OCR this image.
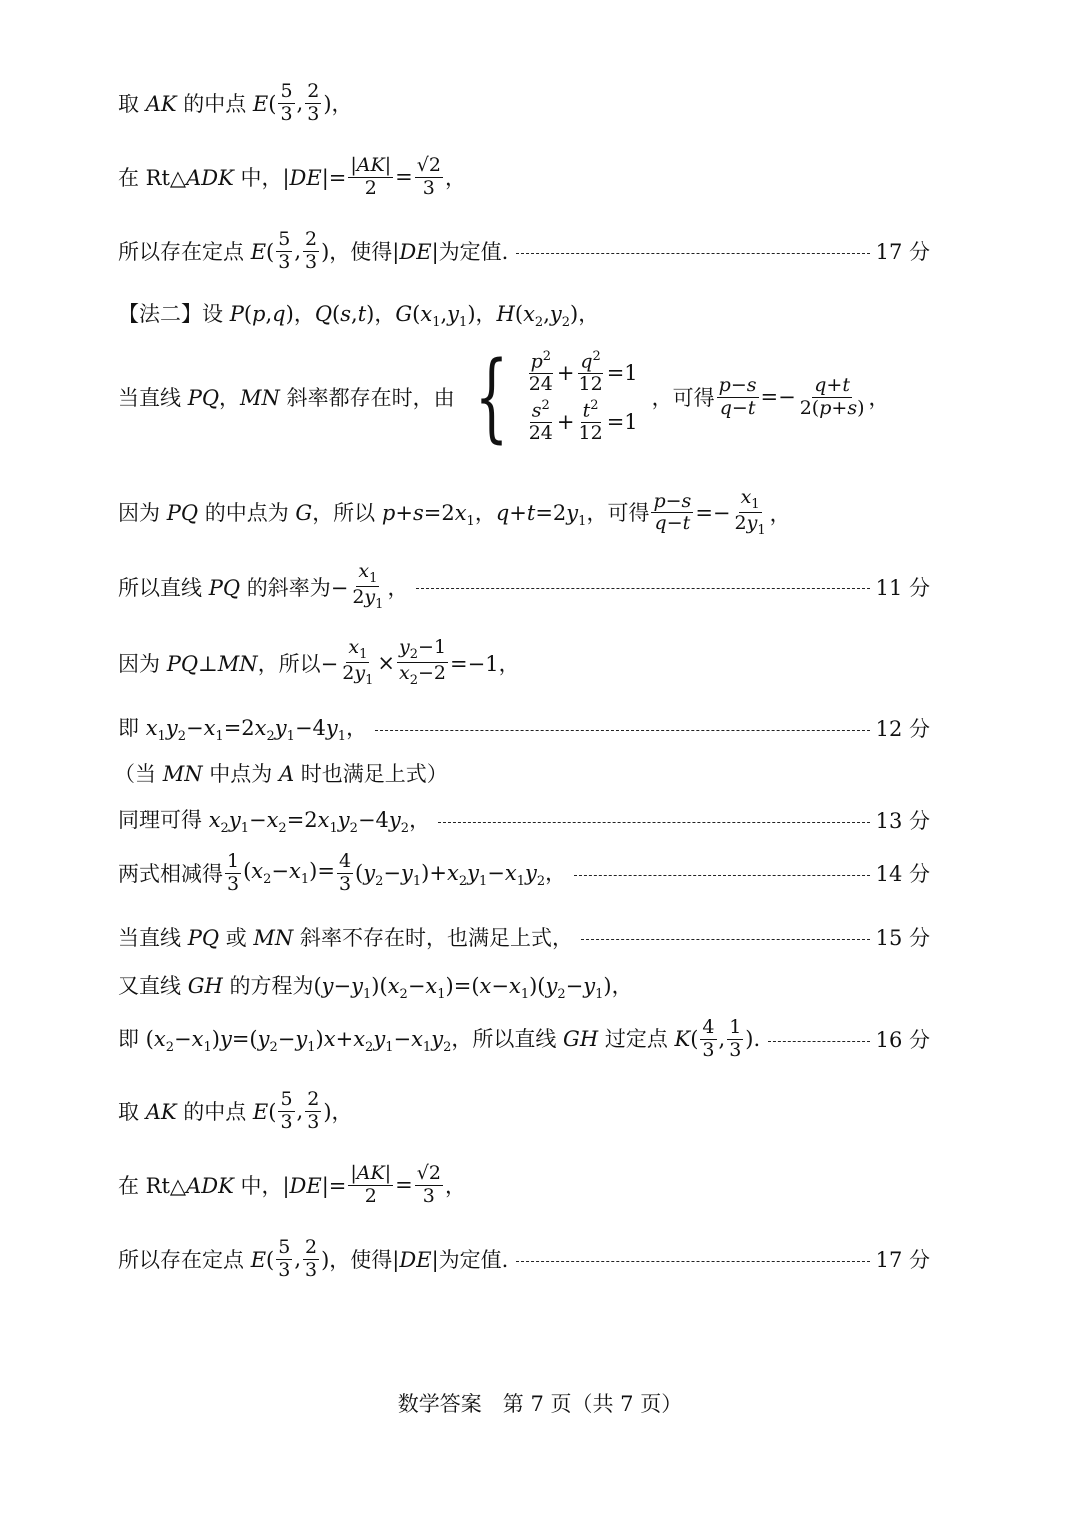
取 AK 的中点 E(
5
3 ,
2
3 )，
在 Rt△ADK 中，$|DE|= \frac{|AK|}{2}$ =
√2
3 ，
所以存在定点 E(
5
3 ,
2
3 )，使得|DE|为定值.	17 分
【法二】设 P(p,q)，Q(s,t)，$G(x_1,y_1)$，$H(x_2,y_2)$，
当直线 PQ，MN 斜率都存在时，由 { $p^2$
$24 + q^2$
12 =1
$s^2$
$24 + t^2$
12 =1
，可得
p−s
q−t =−
q+t
2(p+s) ，
因为 PQ 的中点为 G，所以 $p+s=2x_1$，$q+t=2y_1$，可得
p−s
q−t =−
$x_1$
$2y_1$
，
所以直线 PQ 的斜率为− $\frac{x_1}{2y_1}$ ，	11 分
因为 PQ⊥MN，所以− $\frac{x_1}{2y_1} \times \frac{y_2-1}{x_2-2} =-1$，
即 $x_1y_2-x_1=2x_2y_1-4y_1$，	12 分
（当 MN 中点为 A 时也满足上式）
同理可得 $x_2y_1-x_2=2x_1y_2-4y_2$，	13 分
两式相减得
1
3
$(x_2-x_1)= \frac{4}{3} (y_2-y_1)+x_2y_1-x_1y_2$，	14 分
当直线 PQ 或 MN 斜率不存在时，也满足上式，	15 分
又直线 GH 的方程为$(y-y_1)(x_2-x_1)=(x-x_1)(y_2-y_1)$，
即 $(x_2-x_1)y=(y_2-y_1)x+x_2y_1-x_1y_2$，所以直线 GH 过定点 K(
4
3 ,
1
3 ).	16 分
取 AK 的中点 E(
5
3 ,
2
3 )，
在 Rt△ADK 中，$|DE|= \frac{|AK|}{2}$ =
√2
3 ，
所以存在定点 E(
5
3 ,
2
3 )，使得|DE|为定值.	17 分
数学答案　第 7 页（共 7 页）
